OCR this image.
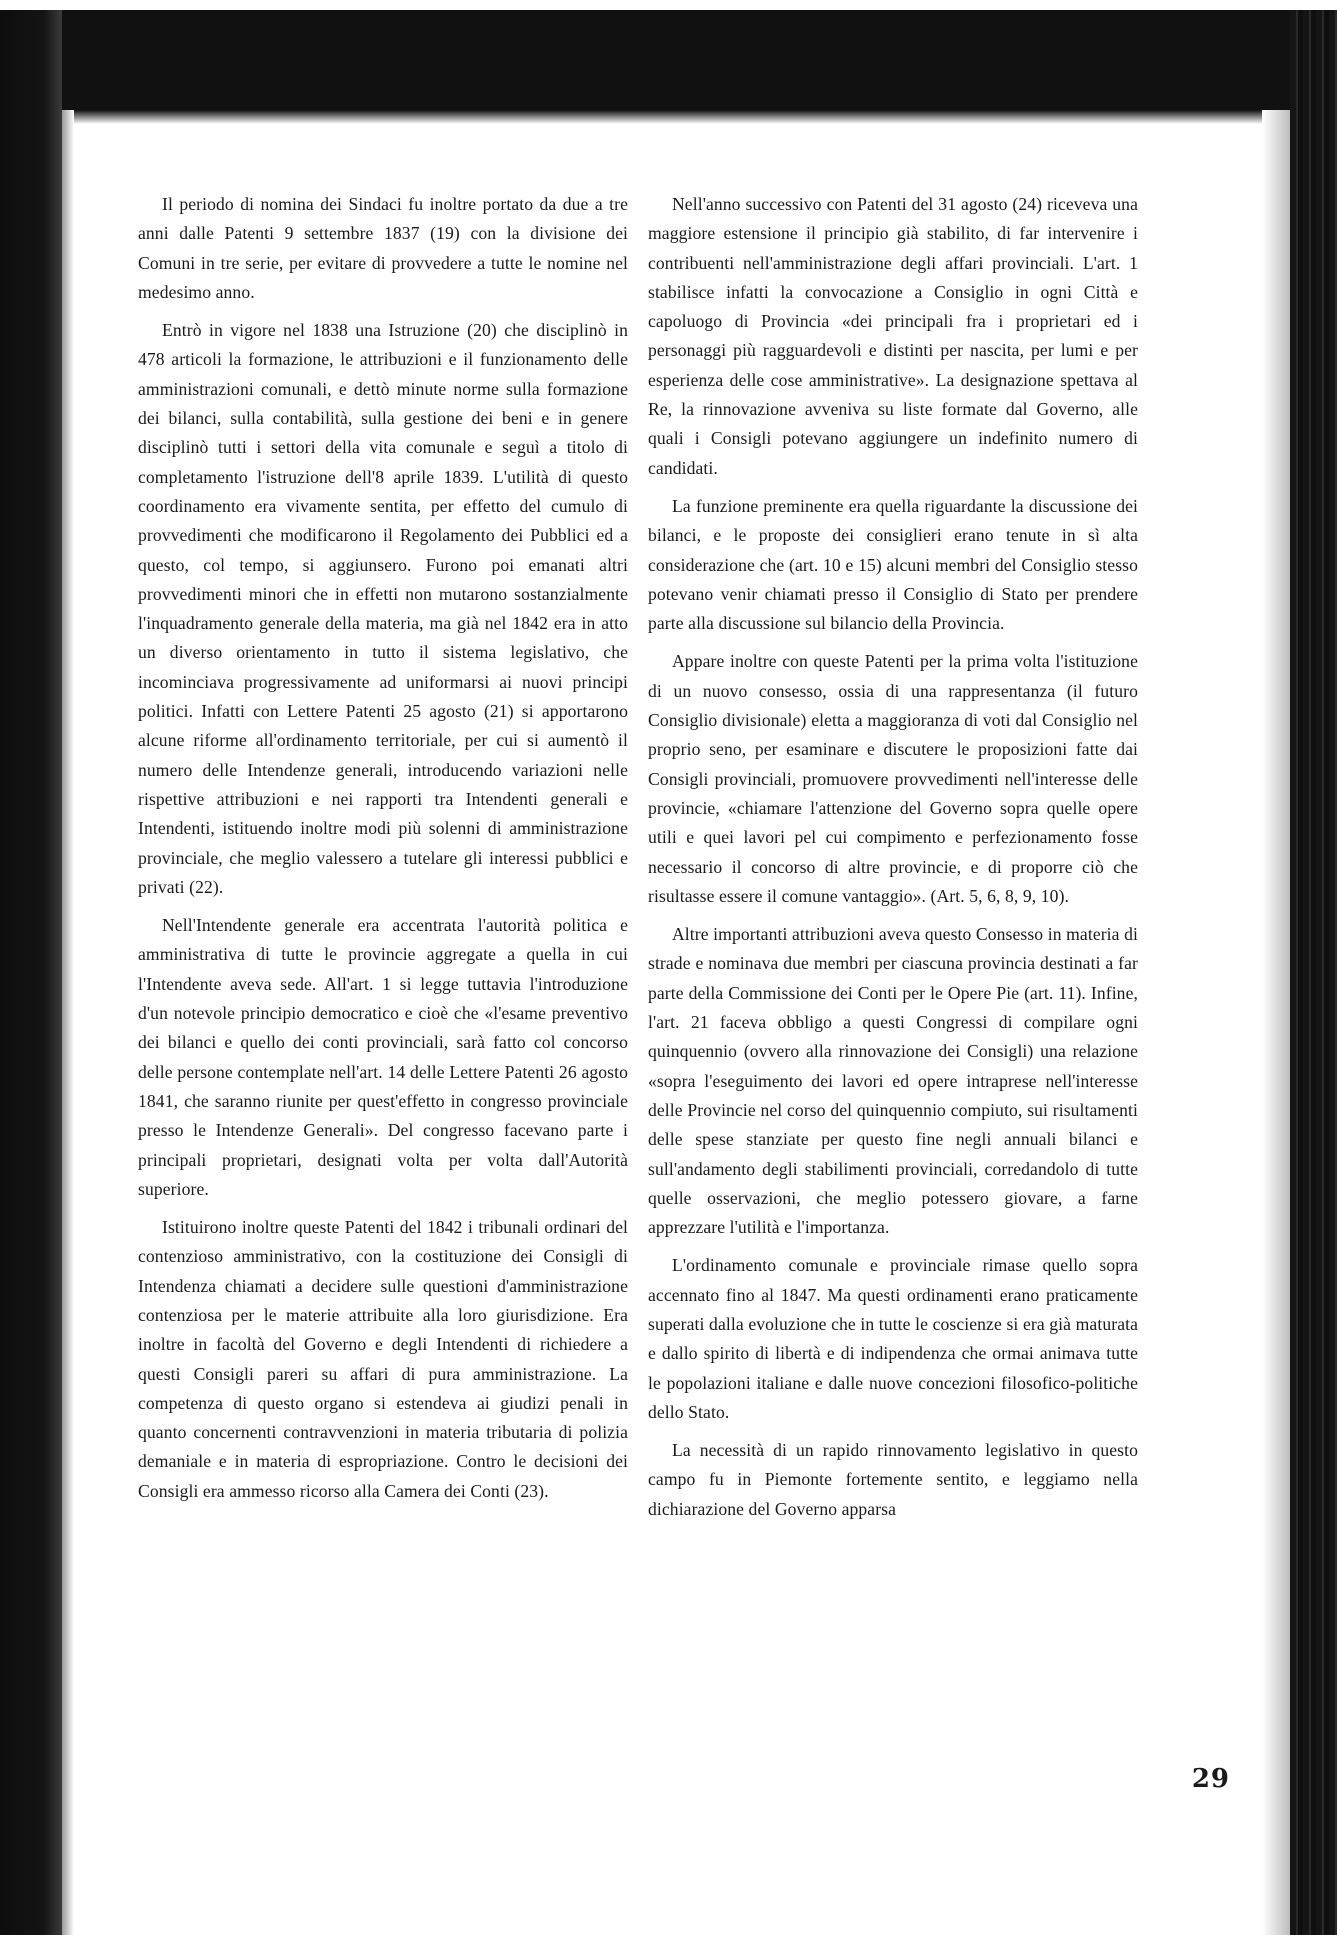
Il periodo di nomina dei Sindaci fu inoltre portato da due a tre anni dalle Patenti 9 settembre 1837 (19) con la divisione dei Comuni in tre serie, per evitare di provvedere a tutte le nomine nel medesimo anno.

Entrò in vigore nel 1838 una Istruzione (20) che disciplinò in 478 articoli la formazione, le attribuzioni e il funzionamento delle amministrazioni comunali, e dettò minute norme sulla formazione dei bilanci, sulla contabilità, sulla gestione dei beni e in genere disciplinò tutti i settori della vita comunale e seguì a titolo di completamento l'istruzione dell'8 aprile 1839. L'utilità di questo coordinamento era vivamente sentita, per effetto del cumulo di provvedimenti che modificarono il Regolamento dei Pubblici ed a questo, col tempo, si aggiunsero. Furono poi emanati altri provvedimenti minori che in effetti non mutarono sostanzialmente l'inquadramento generale della materia, ma già nel 1842 era in atto un diverso orientamento in tutto il sistema legislativo, che incominciava progressivamente ad uniformarsi ai nuovi principi politici. Infatti con Lettere Patenti 25 agosto (21) si apportarono alcune riforme all'ordinamento territoriale, per cui si aumentò il numero delle Intendenze generali, introducendo variazioni nelle rispettive attribuzioni e nei rapporti tra Intendenti generali e Intendenti, istituendo inoltre modi più solenni di amministrazione provinciale, che meglio valessero a tutelare gli interessi pubblici e privati (22).

Nell'Intendente generale era accentrata l'autorità politica e amministrativa di tutte le provincie aggregate a quella in cui l'Intendente aveva sede. All'art. 1 si legge tuttavia l'introduzione d'un notevole principio democratico e cioè che «l'esame preventivo dei bilanci e quello dei conti provinciali, sarà fatto col concorso delle persone contemplate nell'art. 14 delle Lettere Patenti 26 agosto 1841, che saranno riunite per quest'effetto in congresso provinciale presso le Intendenze Generali». Del congresso facevano parte i principali proprietari, designati volta per volta dall'Autorità superiore.

Istituirono inoltre queste Patenti del 1842 i tribunali ordinari del contenzioso amministrativo, con la costituzione dei Consigli di Intendenza chiamati a decidere sulle questioni d'amministrazione contenziosa per le materie attribuite alla loro giurisdizione. Era inoltre in facoltà del Governo e degli Intendenti di richiedere a questi Consigli pareri su affari di pura amministrazione. La competenza di questo organo si estendeva ai giudizi penali in quanto concernenti contravvenzioni in materia tributaria di polizia demaniale e in materia di espropriazione. Contro le decisioni dei Consigli era ammesso ricorso alla Camera dei Conti (23).

Nell'anno successivo con Patenti del 31 agosto (24) riceveva una maggiore estensione il principio già stabilito, di far intervenire i contribuenti nell'amministrazione degli affari provinciali. L'art. 1 stabilisce infatti la convocazione a Consiglio in ogni Città e capoluogo di Provincia «dei principali fra i proprietari ed i personaggi più ragguardevoli e distinti per nascita, per lumi e per esperienza delle cose amministrative». La designazione spettava al Re, la rinnovazione avveniva su liste formate dal Governo, alle quali i Consigli potevano aggiungere un indefinito numero di candidati.

La funzione preminente era quella riguardante la discussione dei bilanci, e le proposte dei consiglieri erano tenute in sì alta considerazione che (art. 10 e 15) alcuni membri del Consiglio stesso potevano venir chiamati presso il Consiglio di Stato per prendere parte alla discussione sul bilancio della Provincia.

Appare inoltre con queste Patenti per la prima volta l'istituzione di un nuovo consesso, ossia di una rappresentanza (il futuro Consiglio divisionale) eletta a maggioranza di voti dal Consiglio nel proprio seno, per esaminare e discutere le proposizioni fatte dai Consigli provinciali, promuovere provvedimenti nell'interesse delle provincie, «chiamare l'attenzione del Governo sopra quelle opere utili e quei lavori pel cui compimento e perfezionamento fosse necessario il concorso di altre provincie, e di proporre ciò che risultasse essere il comune vantaggio». (Art. 5, 6, 8, 9, 10).

Altre importanti attribuzioni aveva questo Consesso in materia di strade e nominava due membri per ciascuna provincia destinati a far parte della Commissione dei Conti per le Opere Pie (art. 11). Infine, l'art. 21 faceva obbligo a questi Congressi di compilare ogni quinquennio (ovvero alla rinnovazione dei Consigli) una relazione «sopra l'eseguimento dei lavori ed opere intraprese nell'interesse delle Provincie nel corso del quinquennio compiuto, sui risultamenti delle spese stanziate per questo fine negli annuali bilanci e sull'andamento degli stabilimenti provinciali, corredandolo di tutte quelle osservazioni, che meglio potessero giovare, a farne apprezzare l'utilità e l'importanza.

L'ordinamento comunale e provinciale rimase quello sopra accennato fino al 1847. Ma questi ordinamenti erano praticamente superati dalla evoluzione che in tutte le coscienze si era già maturata e dallo spirito di libertà e di indipendenza che ormai animava tutte le popolazioni italiane e dalle nuove concezioni filosofico-politiche dello Stato.

La necessità di un rapido rinnovamento legislativo in questo campo fu in Piemonte fortemente sentito, e leggiamo nella dichiarazione del Governo apparsa

29
